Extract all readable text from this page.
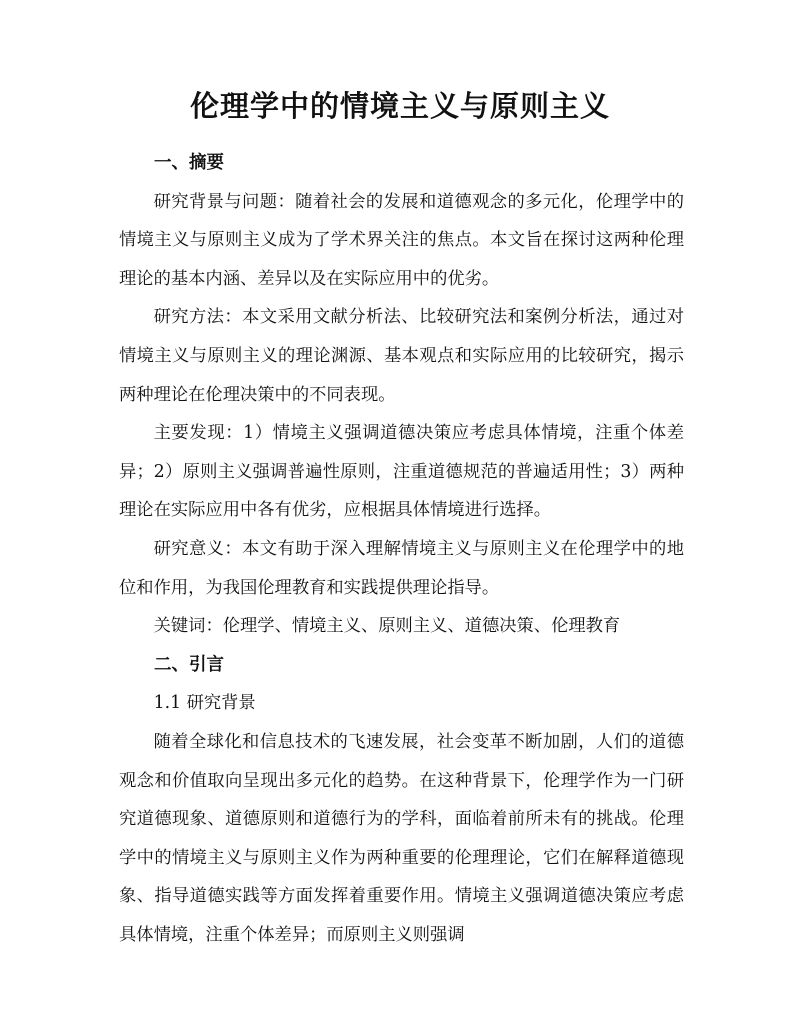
伦理学中的情境主义与原则主义

一、摘要

研究背景与问题：随着社会的发展和道德观念的多元化，伦理学中的情境主义与原则主义成为了学术界关注的焦点。本文旨在探讨这两种伦理理论的基本内涵、差异以及在实际应用中的优劣。

研究方法：本文采用文献分析法、比较研究法和案例分析法，通过对情境主义与原则主义的理论渊源、基本观点和实际应用的比较研究，揭示两种理论在伦理决策中的不同表现。

主要发现：1）情境主义强调道德决策应考虑具体情境，注重个体差异；2）原则主义强调普遍性原则，注重道德规范的普遍适用性；3）两种理论在实际应用中各有优劣，应根据具体情境进行选择。

研究意义：本文有助于深入理解情境主义与原则主义在伦理学中的地位和作用，为我国伦理教育和实践提供理论指导。

关键词：伦理学、情境主义、原则主义、道德决策、伦理教育

二、引言

1.1 研究背景

随着全球化和信息技术的飞速发展，社会变革不断加剧，人们的道德观念和价值取向呈现出多元化的趋势。在这种背景下，伦理学作为一门研究道德现象、道德原则和道德行为的学科，面临着前所未有的挑战。伦理学中的情境主义与原则主义作为两种重要的伦理理论，它们在解释道德现象、指导道德实践等方面发挥着重要作用。情境主义强调道德决策应考虑具体情境，注重个体差异；而原则主义则强调
